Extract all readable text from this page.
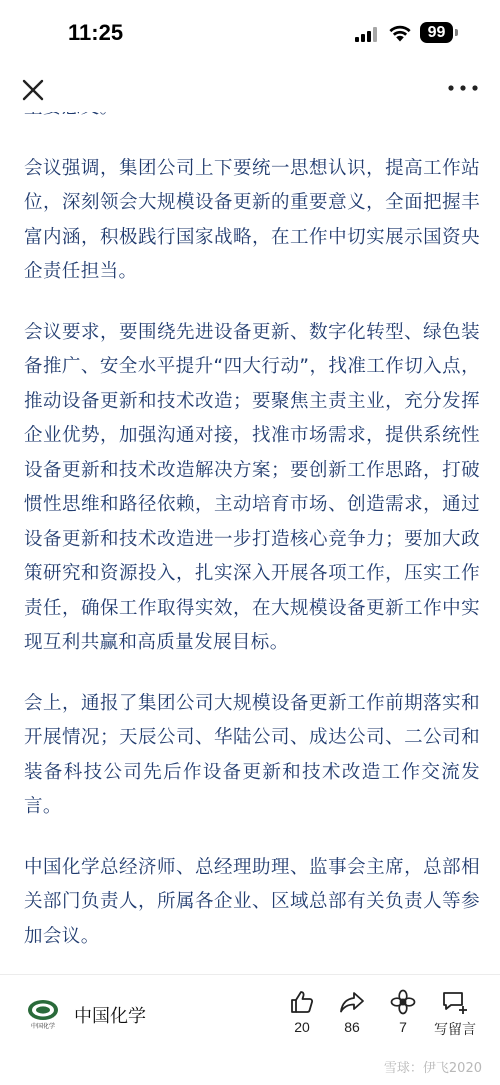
11:25	99

会议强调，集团公司上下要统一思想认识，提高工作站位，深刻领会大规模设备更新的重要意义，全面把握丰富内涵，积极践行国家战略，在工作中切实展示国资央企责任担当。

会议要求，要围绕先进设备更新、数字化转型、绿色装备推广、安全水平提升“四大行动”，找准工作切入点，推动设备更新和技术改造；要聚焦主责主业，充分发挥企业优势，加强沟通对接，找准市场需求，提供系统性设备更新和技术改造解决方案；要创新工作思路，打破惯性思维和路径依赖，主动培育市场、创造需求，通过设备更新和技术改造进一步打造核心竞争力；要加大政策研究和资源投入，扎实深入开展各项工作，压实工作责任，确保工作取得实效，在大规模设备更新工作中实现互利共赢和高质量发展目标。

会上，通报了集团公司大规模设备更新工作前期落实和开展情况；天辰公司、华陆公司、成达公司、二公司和装备科技公司先后作设备更新和技术改造工作交流发言。

中国化学总经济师、总经理助理、监事会主席，总部相关部门负责人，所属各企业、区域总部有关负责人等参加会议。

中国化学 中国化学	20	86	7	写留言
雪球：伊飞2020
